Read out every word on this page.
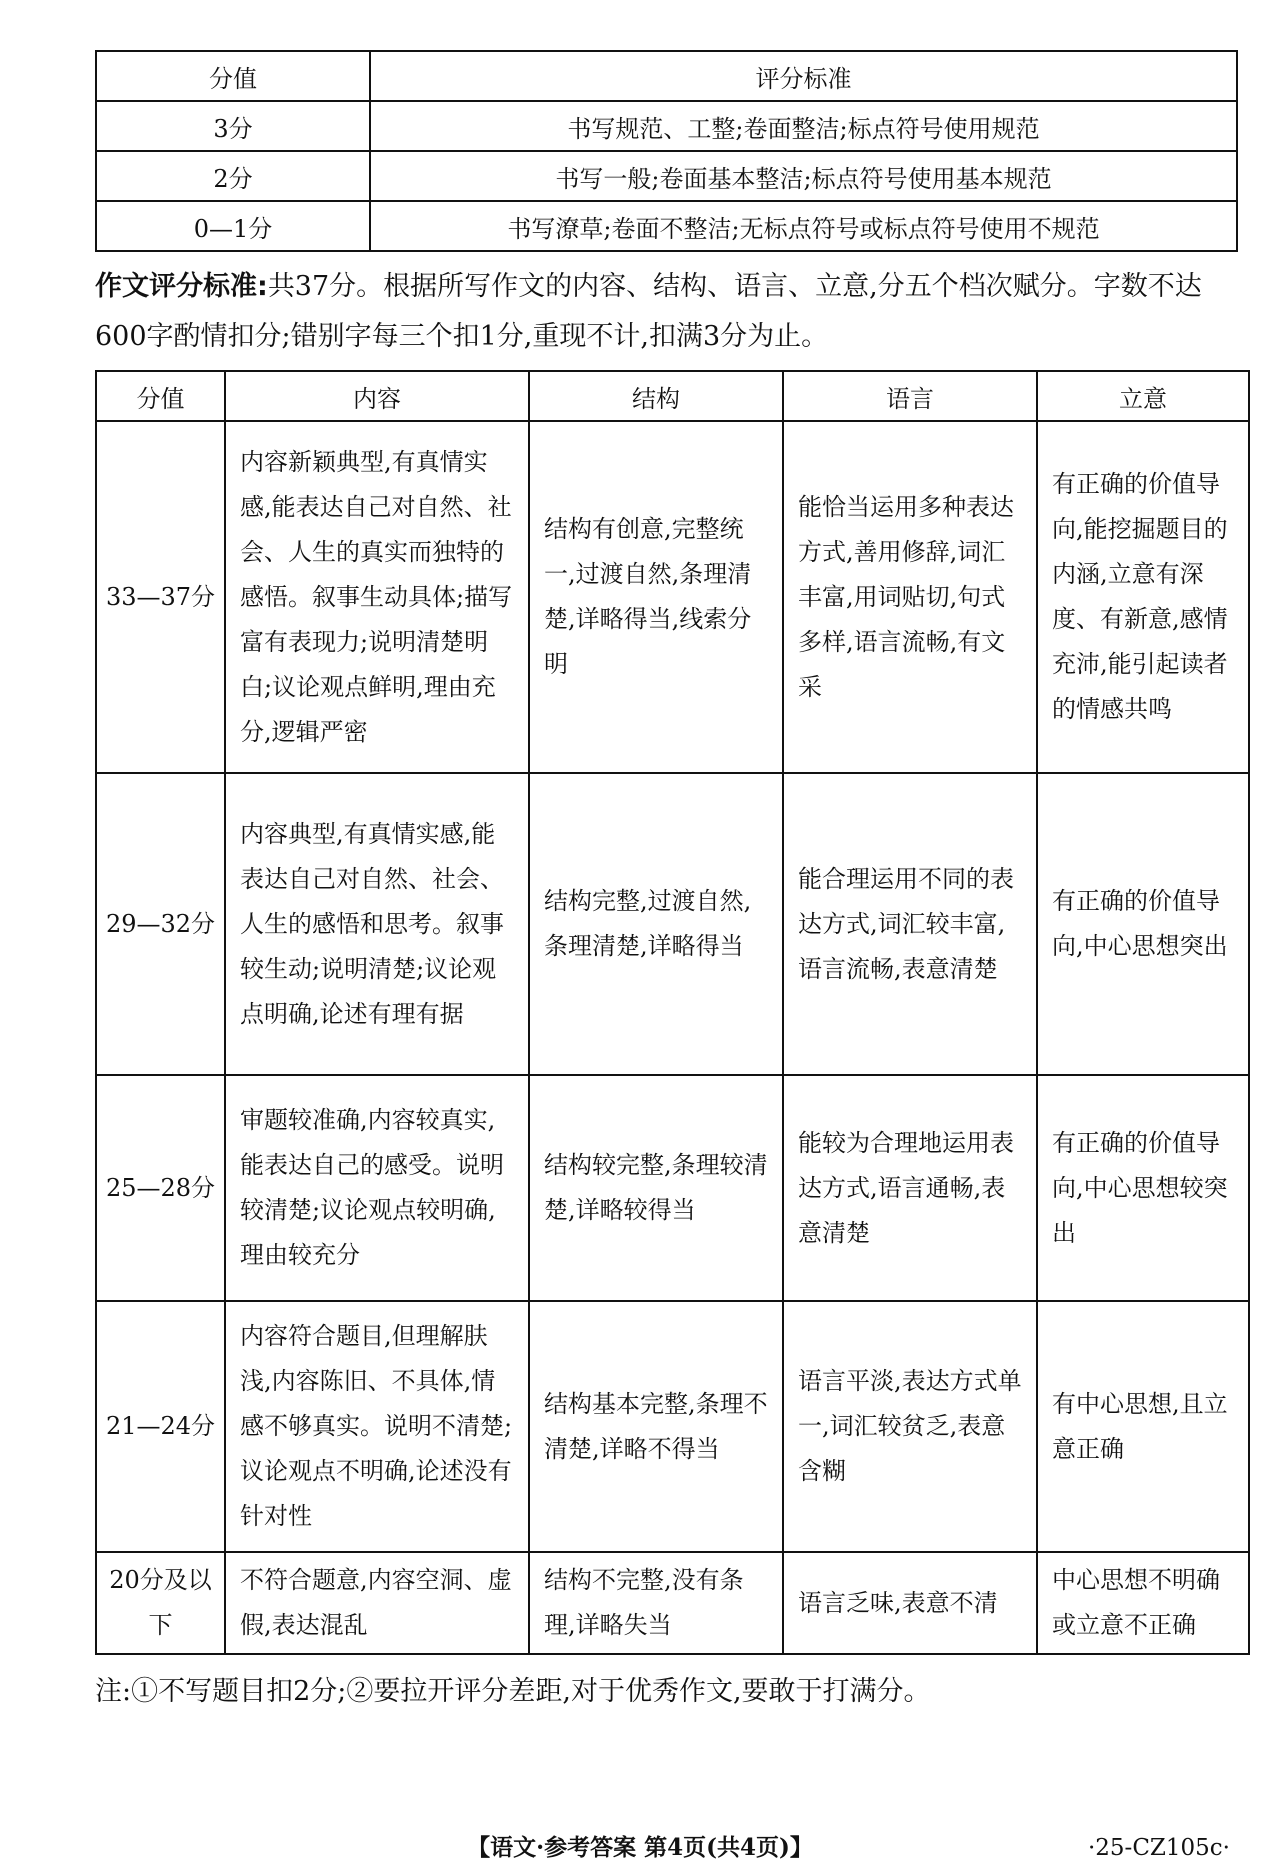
分值	评分标准
3分	书写规范、工整;卷面整洁;标点符号使用规范
2分	书写一般;卷面基本整洁;标点符号使用基本规范
0—1分	书写潦草;卷面不整洁;无标点符号或标点符号使用不规范
作文评分标准:共37分。根据所写作文的内容、结构、语言、立意,分五个档次赋分。字数不达600字酌情扣分;错别字每三个扣1分,重现不计,扣满3分为止。
分值	内容	结构	语言	立意
33—37分	内容新颖典型,有真情实感,能表达自己对自然、社会、人生的真实而独特的感悟。叙事生动具体;描写富有表现力;说明清楚明白;议论观点鲜明,理由充分,逻辑严密	结构有创意,完整统一,过渡自然,条理清楚,详略得当,线索分明	能恰当运用多种表达方式,善用修辞,词汇丰富,用词贴切,句式多样,语言流畅,有文采	有正确的价值导向,能挖掘题目的内涵,立意有深度、有新意,感情充沛,能引起读者的情感共鸣
29—32分	内容典型,有真情实感,能表达自己对自然、社会、人生的感悟和思考。叙事较生动;说明清楚;议论观点明确,论述有理有据	结构完整,过渡自然,条理清楚,详略得当	能合理运用不同的表达方式,词汇较丰富,语言流畅,表意清楚	有正确的价值导向,中心思想突出
25—28分	审题较准确,内容较真实,能表达自己的感受。说明较清楚;议论观点较明确,理由较充分	结构较完整,条理较清楚,详略较得当	能较为合理地运用表达方式,语言通畅,表意清楚	有正确的价值导向,中心思想较突出
21—24分	内容符合题目,但理解肤浅,内容陈旧、不具体,情感不够真实。说明不清楚;议论观点不明确,论述没有针对性	结构基本完整,条理不清楚,详略不得当	语言平淡,表达方式单一,词汇较贫乏,表意含糊	有中心思想,且立意正确
20分及以下	不符合题意,内容空洞、虚假,表达混乱	结构不完整,没有条理,详略失当	语言乏味,表意不清	中心思想不明确或立意不正确
注:①不写题目扣2分;②要拉开评分差距,对于优秀作文,要敢于打满分。
【语文·参考答案 第4页(共4页)】	·25-CZ105c·
